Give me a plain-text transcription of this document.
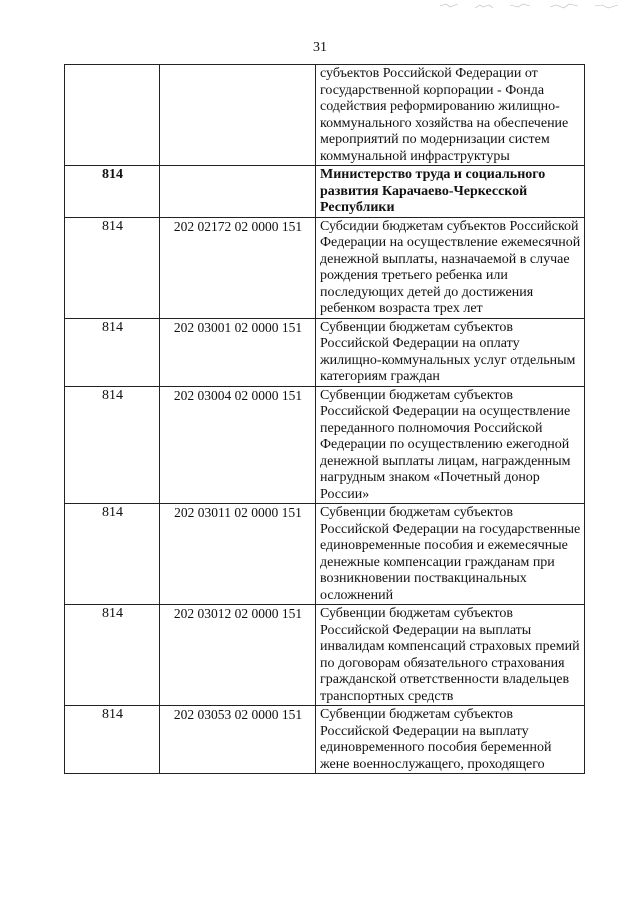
31
		субъектов Российской Федерации от государственной корпорации - Фонда содействия реформированию жилищно-коммунального хозяйства на обеспечение мероприятий по модернизации систем коммунальной инфраструктуры
814		Министерство труда и социального развития Карачаево-Черкесской Республики
814	202 02172 02 0000 151	Субсидии бюджетам субъектов Российской Федерации на осуществление ежемесячной денежной выплаты, назначаемой в случае рождения третьего ребенка или последующих детей до достижения ребенком возраста трех лет
814	202 03001 02 0000 151	Субвенции бюджетам субъектов Российской Федерации на оплату жилищно-коммунальных услуг отдельным категориям граждан
814	202 03004 02 0000 151	Субвенции бюджетам субъектов Российской Федерации на осуществление переданного полномочия Российской Федерации по осуществлению ежегодной денежной выплаты лицам, награжденным нагрудным знаком «Почетный донор России»
814	202 03011 02 0000 151	Субвенции бюджетам субъектов Российской Федерации на государственные единовременные пособия и ежемесячные денежные компенсации гражданам при возникновении поствакцинальных осложнений
814	202 03012 02 0000 151	Субвенции бюджетам субъектов Российской Федерации на выплаты инвалидам компенсаций страховых премий по договорам обязательного страхования гражданской ответственности владельцев транспортных средств
814	202 03053 02 0000 151	Субвенции бюджетам субъектов Российской Федерации на выплату единовременного пособия беременной жене военнослужащего, проходящего
